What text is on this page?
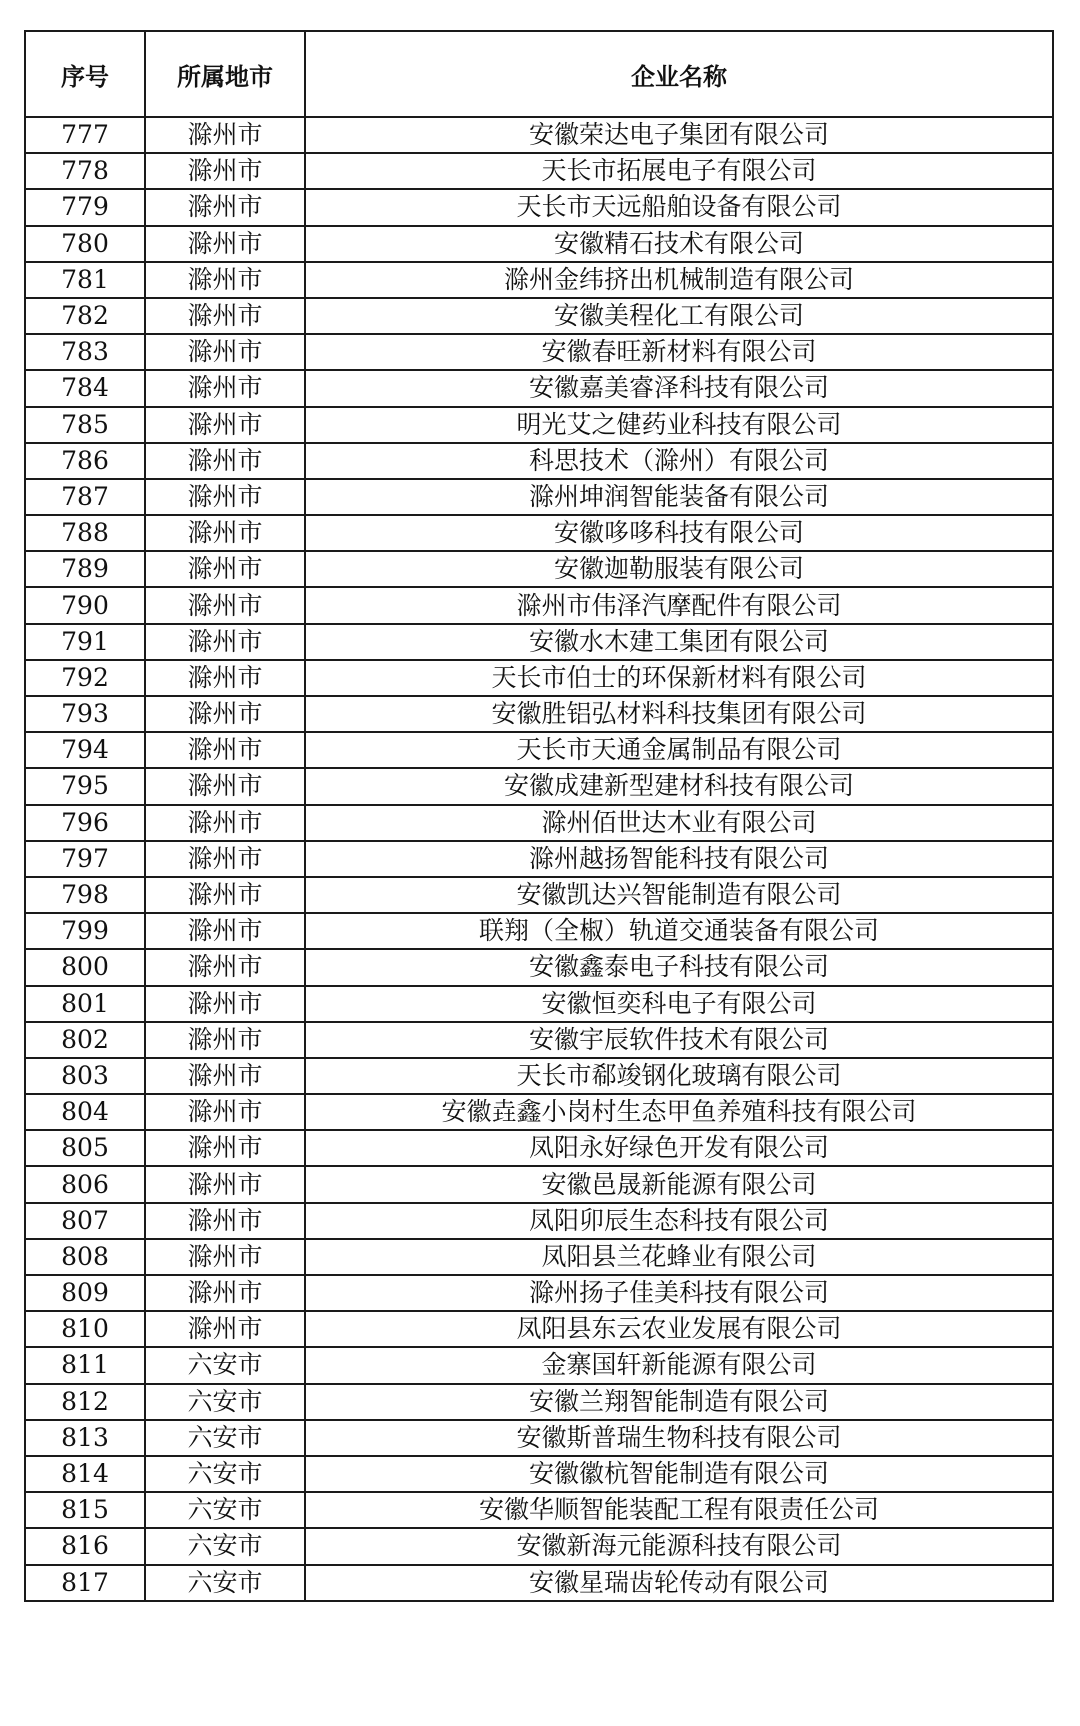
序号	所属地市	企业名称
777	滁州市	安徽荣达电子集团有限公司
778	滁州市	天长市拓展电子有限公司
779	滁州市	天长市天远船舶设备有限公司
780	滁州市	安徽精石技术有限公司
781	滁州市	滁州金纬挤出机械制造有限公司
782	滁州市	安徽美程化工有限公司
783	滁州市	安徽春旺新材料有限公司
784	滁州市	安徽嘉美睿泽科技有限公司
785	滁州市	明光艾之健药业科技有限公司
786	滁州市	科思技术（滁州）有限公司
787	滁州市	滁州坤润智能装备有限公司
788	滁州市	安徽哆哆科技有限公司
789	滁州市	安徽迦勒服装有限公司
790	滁州市	滁州市伟泽汽摩配件有限公司
791	滁州市	安徽水木建工集团有限公司
792	滁州市	天长市伯士的环保新材料有限公司
793	滁州市	安徽胜铝弘材料科技集团有限公司
794	滁州市	天长市天通金属制品有限公司
795	滁州市	安徽成建新型建材科技有限公司
796	滁州市	滁州佰世达木业有限公司
797	滁州市	滁州越扬智能科技有限公司
798	滁州市	安徽凯达兴智能制造有限公司
799	滁州市	联翔（全椒）轨道交通装备有限公司
800	滁州市	安徽鑫泰电子科技有限公司
801	滁州市	安徽恒奕科电子有限公司
802	滁州市	安徽宇辰软件技术有限公司
803	滁州市	天长市郗竣钢化玻璃有限公司
804	滁州市	安徽垚鑫小岗村生态甲鱼养殖科技有限公司
805	滁州市	凤阳永好绿色开发有限公司
806	滁州市	安徽邑晟新能源有限公司
807	滁州市	凤阳卯辰生态科技有限公司
808	滁州市	凤阳县兰花蜂业有限公司
809	滁州市	滁州扬子佳美科技有限公司
810	滁州市	凤阳县东云农业发展有限公司
811	六安市	金寨国轩新能源有限公司
812	六安市	安徽兰翔智能制造有限公司
813	六安市	安徽斯普瑞生物科技有限公司
814	六安市	安徽徽杭智能制造有限公司
815	六安市	安徽华顺智能装配工程有限责任公司
816	六安市	安徽新海元能源科技有限公司
817	六安市	安徽星瑞齿轮传动有限公司
